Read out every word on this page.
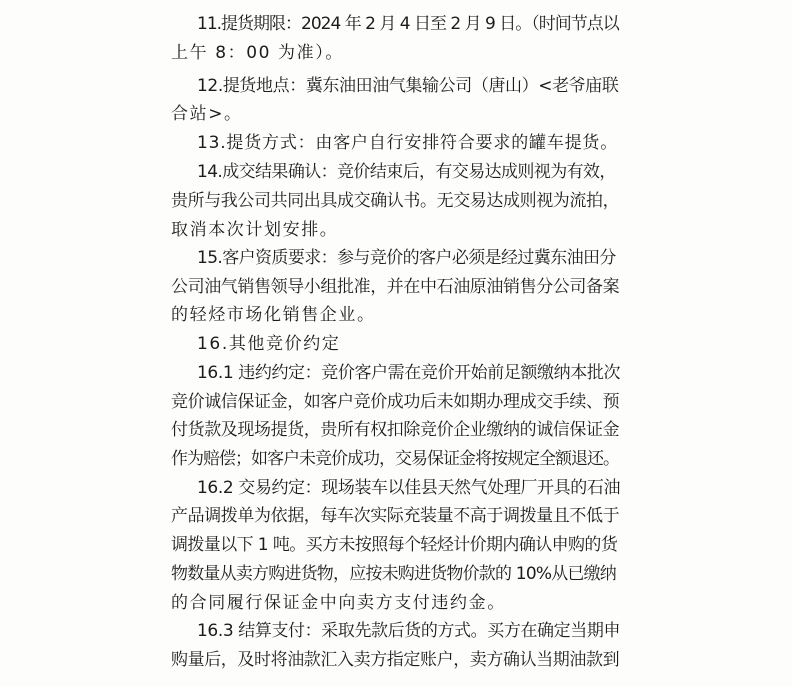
11.提货期限：2024 年 2 月 4 日至 2 月 9 日。（时间节点以
上午 8：00 为准）。
12.提货地点：冀东油田油气集输公司（唐山）<老爷庙联
合站>。
13.提货方式：由客户自行安排符合要求的罐车提货。
14.成交结果确认：竞价结束后，有交易达成则视为有效，
贵所与我公司共同出具成交确认书。无交易达成则视为流拍，
取消本次计划安排。
15.客户资质要求：参与竞价的客户必须是经过冀东油田分
公司油气销售领导小组批准，并在中石油原油销售分公司备案
的轻烃市场化销售企业。
16.其他竞价约定
16.1 违约约定：竞价客户需在竞价开始前足额缴纳本批次
竞价诚信保证金，如客户竞价成功后未如期办理成交手续、预
付货款及现场提货，贵所有权扣除竞价企业缴纳的诚信保证金
作为赔偿；如客户未竞价成功，交易保证金将按规定全额退还。
16.2 交易约定：现场装车以佳县天然气处理厂开具的石油
产品调拨单为依据，每车次实际充装量不高于调拨量且不低于
调拨量以下 1 吨。买方未按照每个轻烃计价期内确认申购的货
物数量从卖方购进货物，应按未购进货物价款的 10%从已缴纳
的合同履行保证金中向卖方支付违约金。
16.3 结算支付：采取先款后货的方式。买方在确定当期申
购量后，及时将油款汇入卖方指定账户，卖方确认当期油款到
